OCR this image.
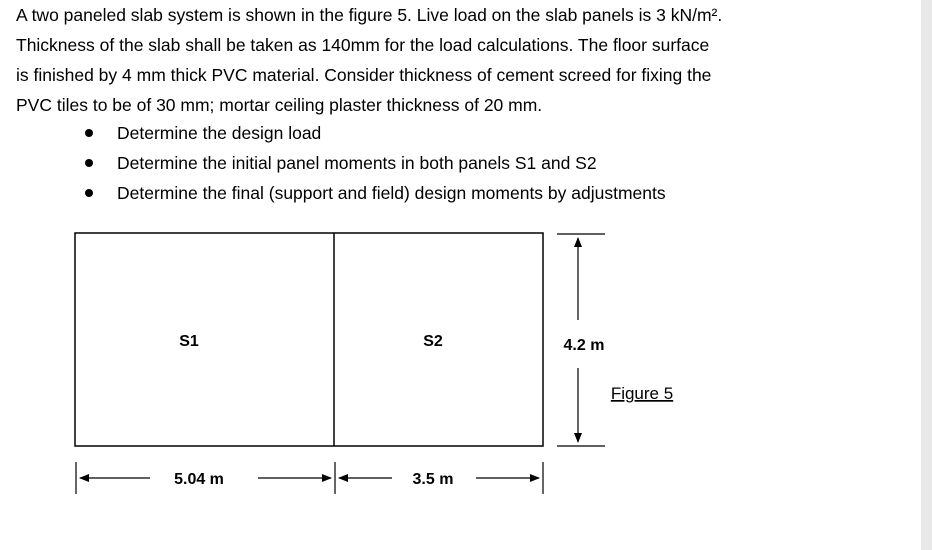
A two paneled slab system is shown in the figure 5. Live load on the slab panels is 3 kN/m².
Thickness of the slab shall be taken as 140mm for the load calculations. The floor surface
is finished by 4 mm thick PVC material. Consider thickness of cement screed for fixing the
PVC tiles to be of 30 mm; mortar ceiling plaster thickness of 20 mm.
Determine the design load
Determine the initial panel moments in both panels S1 and S2
Determine the final (support and field) design moments by adjustments
S1	S2	4.2 m
5.04 m	3.5 m
Figure 5
